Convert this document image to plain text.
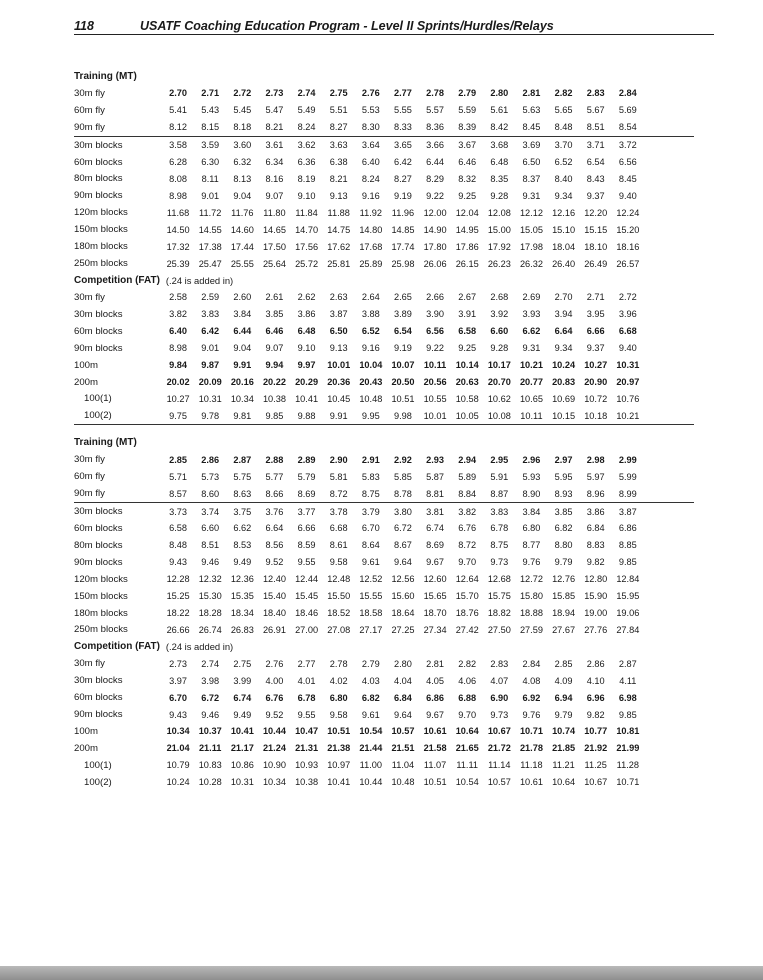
118	USATF Coaching Education Program - Level II Sprints/Hurdles/Relays
Training (MT)
30m fly	2.70	2.71	2.72	2.73	2.74	2.75	2.76	2.77	2.78	2.79	2.80	2.81	2.82	2.83	2.84
60m fly	5.41	5.43	5.45	5.47	5.49	5.51	5.53	5.55	5.57	5.59	5.61	5.63	5.65	5.67	5.69
90m fly	8.12	8.15	8.18	8.21	8.24	8.27	8.30	8.33	8.36	8.39	8.42	8.45	8.48	8.51	8.54
30m blocks	3.58	3.59	3.60	3.61	3.62	3.63	3.64	3.65	3.66	3.67	3.68	3.69	3.70	3.71	3.72
60m blocks	6.28	6.30	6.32	6.34	6.36	6.38	6.40	6.42	6.44	6.46	6.48	6.50	6.52	6.54	6.56
80m blocks	8.08	8.11	8.13	8.16	8.19	8.21	8.24	8.27	8.29	8.32	8.35	8.37	8.40	8.43	8.45
90m blocks	8.98	9.01	9.04	9.07	9.10	9.13	9.16	9.19	9.22	9.25	9.28	9.31	9.34	9.37	9.40
120m blocks	11.68	11.72	11.76	11.80	11.84	11.88	11.92	11.96	12.00 12.04 12.08 12.12 12.16 12.20 12.24
150m blocks	14.50 14.55 14.60 14.65 14.70 14.75 14.80 14.85 14.90 14.95 15.00 15.05 15.10 15.15 15.20
180m blocks	17.32 17.38 17.44 17.50 17.56 17.62 17.68 17.74 17.80 17.86 17.92 17.98 18.04 18.10 18.16
250m blocks	25.39 25.47 25.55 25.64 25.72 25.81 25.89 25.98 26.06 26.15 26.23 26.32 26.40 26.49 26.57
Competition (FAT) (.24 is added in)
30m fly	2.58	2.59	2.60	2.61	2.62	2.63	2.64	2.65	2.66	2.67	2.68	2.69	2.70	2.71	2.72
30m blocks	3.82	3.83	3.84	3.85	3.86	3.87	3.88	3.89	3.90	3.91	3.92	3.93	3.94	3.95	3.96
60m blocks	6.40	6.42	6.44	6.46	6.48	6.50	6.52	6.54	6.56	6.58	6.60	6.62	6.64	6.66	6.68
90m blocks	8.98	9.01	9.04	9.07	9.10	9.13	9.16	9.19	9.22	9.25	9.28	9.31	9.34	9.37	9.40
100m	9.84	9.87	9.91	9.94	9.97	10.01 10.04 10.07	10.11	10.14 10.17 10.21 10.24 10.27 10.31
200m	20.02 20.09 20.16 20.22 20.29 20.36 20.43 20.50 20.56 20.63 20.70 20.77 20.83 20.90 20.97
100(1)	10.27 10.31 10.34 10.38 10.41 10.45 10.48 10.51 10.55 10.58 10.62 10.65 10.69 10.72 10.76
100(2)	9.75	9.78	9.81	9.85	9.88	9.91	9.95	9.98	10.01 10.05 10.08	10.11	10.15 10.18 10.21
Training (MT)
30m fly	2.85	2.86	2.87	2.88	2.89	2.90	2.91	2.92	2.93	2.94	2.95	2.96	2.97	2.98	2.99
60m fly	5.71	5.73	5.75	5.77	5.79	5.81	5.83	5.85	5.87	5.89	5.91	5.93	5.95	5.97	5.99
90m fly	8.57	8.60	8.63	8.66	8.69	8.72	8.75	8.78	8.81	8.84	8.87	8.90	8.93	8.96	8.99
30m blocks	3.73	3.74	3.75	3.76	3.77	3.78	3.79	3.80	3.81	3.82	3.83	3.84	3.85	3.86	3.87
60m blocks	6.58	6.60	6.62	6.64	6.66	6.68	6.70	6.72	6.74	6.76	6.78	6.80	6.82	6.84	6.86
80m blocks	8.48	8.51	8.53	8.56	8.59	8.61	8.64	8.67	8.69	8.72	8.75	8.77	8.80	8.83	8.85
90m blocks	9.43	9.46	9.49	9.52	9.55	9.58	9.61	9.64	9.67	9.70	9.73	9.76	9.79	9.82	9.85
120m blocks	12.28 12.32 12.36 12.40 12.44 12.48 12.52 12.56 12.60 12.64 12.68 12.72 12.76 12.80 12.84
150m blocks	15.25 15.30 15.35 15.40 15.45 15.50 15.55 15.60 15.65 15.70 15.75 15.80 15.85 15.90 15.95
180m blocks	18.22 18.28 18.34 18.40 18.46 18.52 18.58 18.64 18.70 18.76 18.82 18.88 18.94 19.00 19.06
250m blocks	26.66 26.74 26.83 26.91 27.00 27.08 27.17 27.25 27.34 27.42 27.50 27.59 27.67 27.76 27.84
Competition (FAT) (.24 is added in)
30m fly	2.73	2.74	2.75	2.76	2.77	2.78	2.79	2.80	2.81	2.82	2.83	2.84	2.85	2.86	2.87
30m blocks	3.97	3.98	3.99	4.00	4.01	4.02	4.03	4.04	4.05	4.06	4.07	4.08	4.09	4.10	4.11
60m blocks	6.70	6.72	6.74	6.76	6.78	6.80	6.82	6.84	6.86	6.88	6.90	6.92	6.94	6.96	6.98
90m blocks	9.43	9.46	9.49	9.52	9.55	9.58	9.61	9.64	9.67	9.70	9.73	9.76	9.79	9.82	9.85
100m	10.34 10.37 10.41 10.44 10.47 10.51 10.54 10.57 10.61 10.64 10.67 10.71 10.74 10.77 10.81
200m	21.04	21.11	21.17 21.24 21.31 21.38 21.44 21.51 21.58 21.65 21.72 21.78 21.85 21.92 21.99
100(1)	10.79 10.83 10.86 10.90 10.93 10.97	11.00	11.04	11.07	11.11	11.14	11.18	11.21	11.25	11.28
100(2)	10.24 10.28 10.31 10.34 10.38 10.41 10.44 10.48 10.51 10.54 10.57 10.61 10.64 10.67 10.71
